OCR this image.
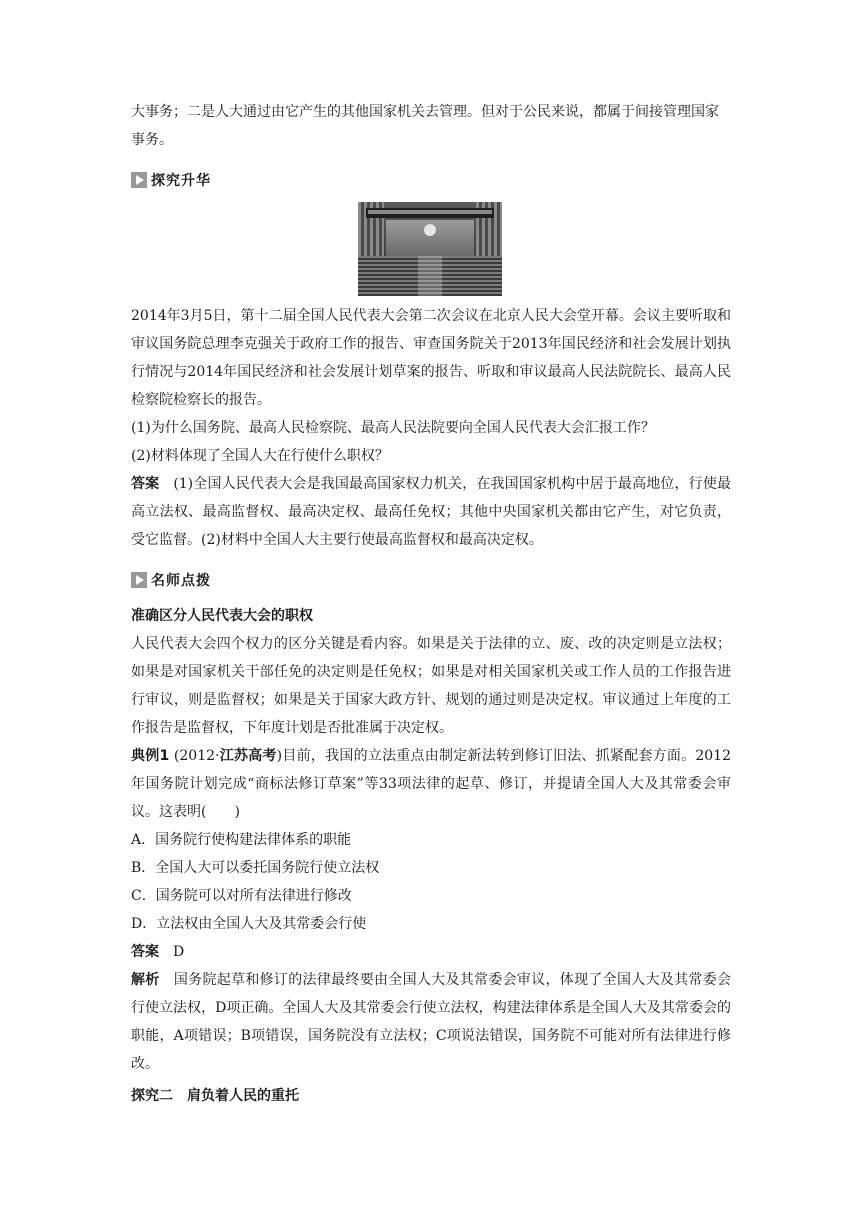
大事务；二是人大通过由它产生的其他国家机关去管理。但对于公民来说，都属于间接管理国家
事务。

探究升华

2014年3月5日，第十二届全国人民代表大会第二次会议在北京人民大会堂开幕。会议主要听取和审议国务院总理李克强关于政府工作的报告、审查国务院关于2013年国民经济和社会发展计划执行情况与2014年国民经济和社会发展计划草案的报告、听取和审议最高人民法院院长、最高人民检察院检察长的报告。

(1)为什么国务院、最高人民检察院、最高人民法院要向全国人民代表大会汇报工作？

(2)材料体现了全国人大在行使什么职权？

答案 (1)全国人民代表大会是我国最高国家权力机关，在我国国家机构中居于最高地位，行使最高立法权、最高监督权、最高决定权、最高任免权；其他中央国家机关都由它产生，对它负责，受它监督。(2)材料中全国人大主要行使最高监督权和最高决定权。

名师点拨
准确区分人民代表大会的职权

人民代表大会四个权力的区分关键是看内容。如果是关于法律的立、废、改的决定则是立法权；如果是对国家机关干部任免的决定则是任免权；如果是对相关国家机关或工作人员的工作报告进行审议，则是监督权；如果是关于国家大政方针、规划的通过则是决定权。审议通过上年度的工作报告是监督权，下年度计划是否批准属于决定权。

典例1 (2012·江苏高考)目前，我国的立法重点由制定新法转到修订旧法、抓紧配套方面。2012年国务院计划完成“商标法修订草案”等33项法律的起草、修订，并提请全国人大及其常委会审议。这表明(　　)

A．国务院行使构建法律体系的职能

B．全国人大可以委托国务院行使立法权

C．国务院可以对所有法律进行修改

D．立法权由全国人大及其常委会行使

答案 D

解析 国务院起草和修订的法律最终要由全国人大及其常委会审议，体现了全国人大及其常委会行使立法权，D项正确。全国人大及其常委会行使立法权，构建法律体系是全国人大及其常委会的职能，A项错误；B项错误，国务院没有立法权；C项说法错误，国务院不可能对所有法律进行修改。

探究二 肩负着人民的重托
